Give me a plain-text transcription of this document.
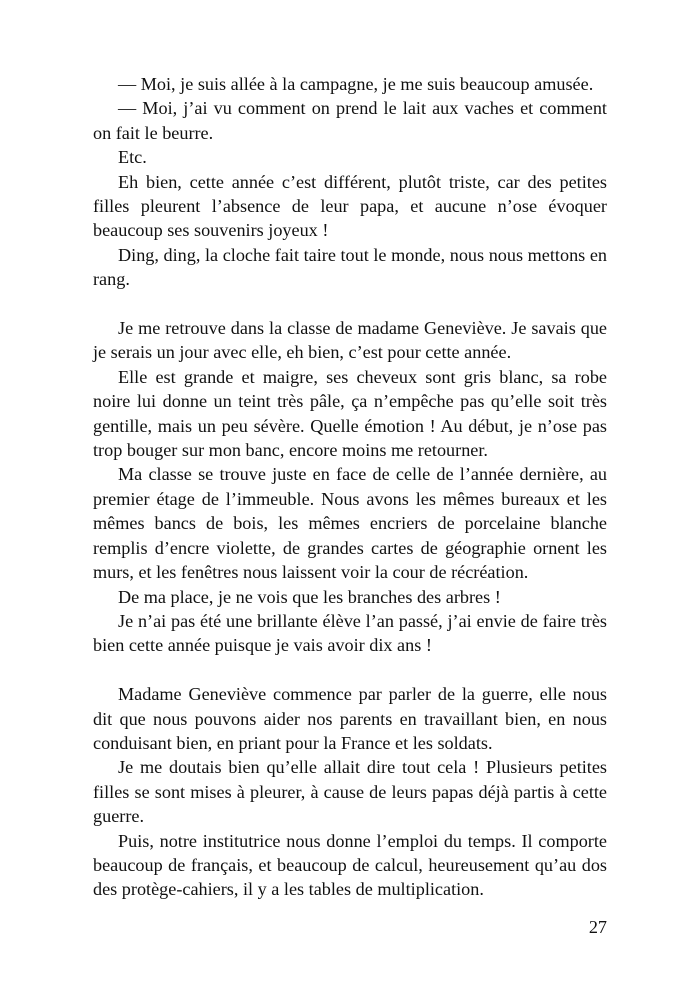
— Moi, je suis allée à la campagne, je me suis beaucoup amusée.

— Moi, j’ai vu comment on prend le lait aux vaches et comment on fait le beurre.

Etc.

Eh bien, cette année c’est différent, plutôt triste, car des petites filles pleurent l’absence de leur papa, et aucune n’ose évoquer beaucoup ses souvenirs joyeux !

Ding, ding, la cloche fait taire tout le monde, nous nous mettons en rang.

Je me retrouve dans la classe de madame Geneviève. Je savais que je serais un jour avec elle, eh bien, c’est pour cette année.

Elle est grande et maigre, ses cheveux sont gris blanc, sa robe noire lui donne un teint très pâle, ça n’empêche pas qu’elle soit très gentille, mais un peu sévère. Quelle émotion ! Au début, je n’ose pas trop bouger sur mon banc, encore moins me retourner.

Ma classe se trouve juste en face de celle de l’année dernière, au premier étage de l’immeuble. Nous avons les mêmes bureaux et les mêmes bancs de bois, les mêmes encriers de porcelaine blanche remplis d’encre violette, de grandes cartes de géographie ornent les murs, et les fenêtres nous laissent voir la cour de récréation.

De ma place, je ne vois que les branches des arbres !

Je n’ai pas été une brillante élève l’an passé, j’ai envie de faire très bien cette année puisque je vais avoir dix ans !

Madame Geneviève commence par parler de la guerre, elle nous dit que nous pouvons aider nos parents en travaillant bien, en nous conduisant bien, en priant pour la France et les soldats.

Je me doutais bien qu’elle allait dire tout cela ! Plusieurs petites filles se sont mises à pleurer, à cause de leurs papas déjà partis à cette guerre.

Puis, notre institutrice nous donne l’emploi du temps. Il comporte beaucoup de français, et beaucoup de calcul, heureusement qu’au dos des protège-cahiers, il y a les tables de multiplication.

27
